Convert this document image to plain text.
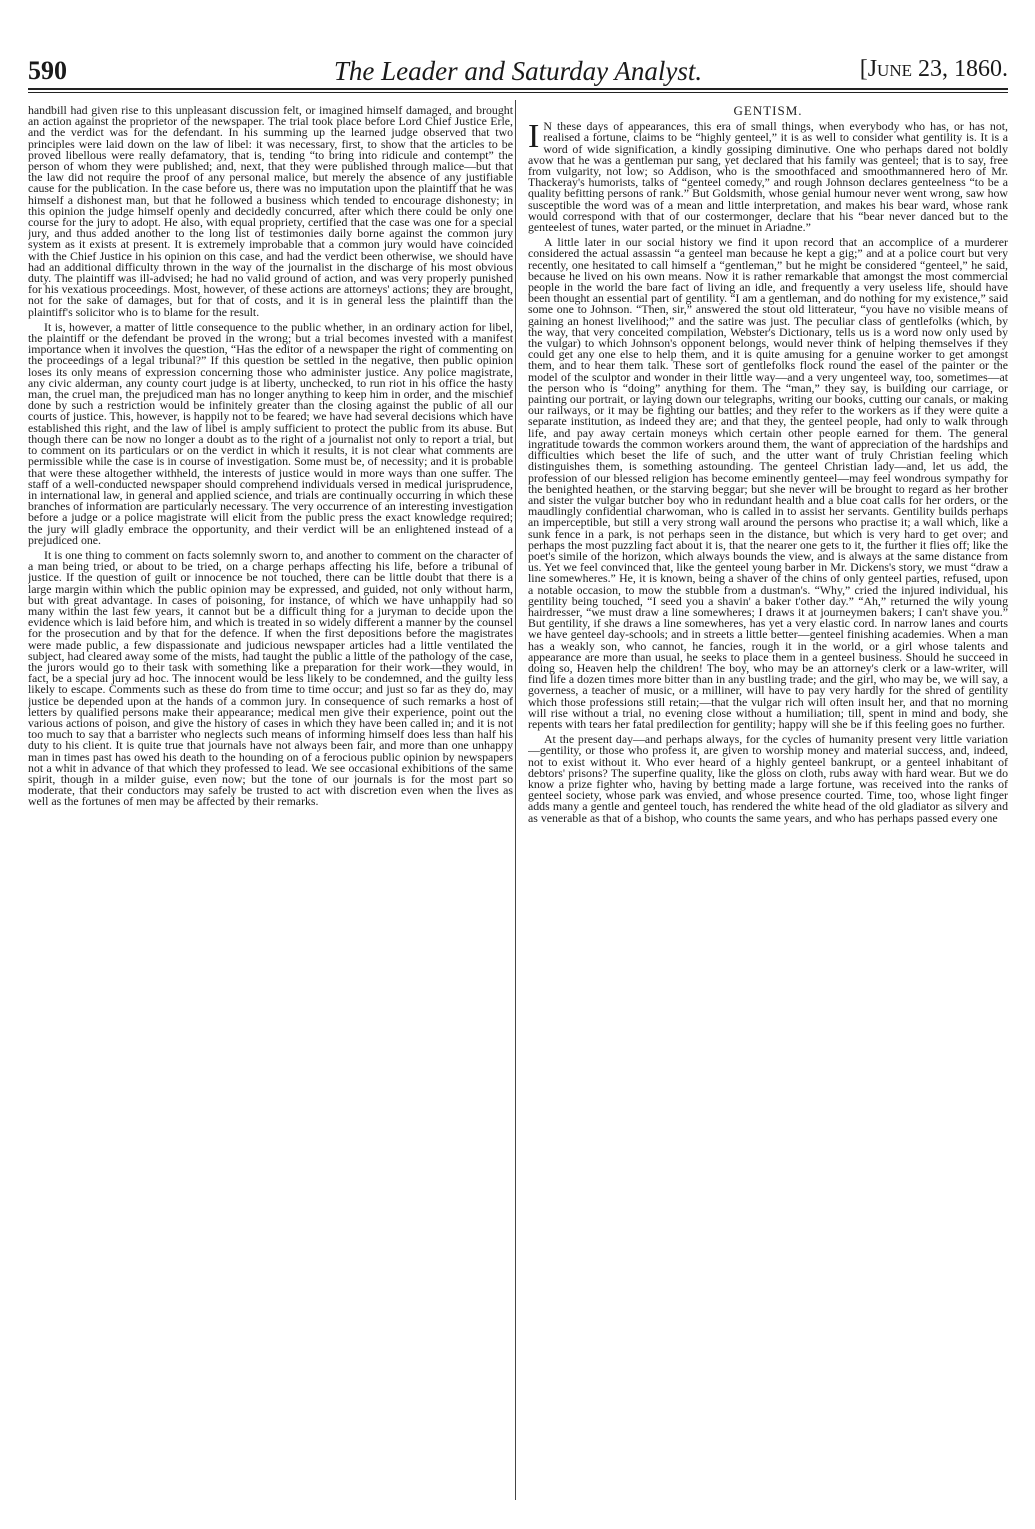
590	The Leader and Saturday Analyst.	[June 23, 1860.

handbill had given rise to this unpleasant discussion felt, or imagined himself damaged, and brought an action against the proprietor of the newspaper. The trial took place before Lord Chief Justice Erle, and the verdict was for the defendant. In his summing up the learned judge observed that two principles were laid down on the law of libel: it was necessary, first, to show that the articles to be proved libellous were really defamatory, that is, tending “to bring into ridicule and contempt” the person of whom they were published; and, next, that they were published through malice—but that the law did not require the proof of any personal malice, but merely the absence of any justifiable cause for the publication. In the case before us, there was no imputation upon the plaintiff that he was himself a dishonest man, but that he followed a business which tended to encourage dishonesty; in this opinion the judge himself openly and decidedly concurred, after which there could be only one course for the jury to adopt. He also, with equal propriety, certified that the case was one for a special jury, and thus added another to the long list of testimonies daily borne against the common jury system as it exists at present. It is extremely improbable that a common jury would have coincided with the Chief Justice in his opinion on this case, and had the verdict been otherwise, we should have had an additional difficulty thrown in the way of the journalist in the discharge of his most obvious duty. The plaintiff was ill-advised; he had no valid ground of action, and was very properly punished for his vexatious proceedings. Most, however, of these actions are attorneys' actions; they are brought, not for the sake of damages, but for that of costs, and it is in general less the plaintiff than the plaintiff's solicitor who is to blame for the result.

It is, however, a matter of little consequence to the public whether, in an ordinary action for libel, the plaintiff or the defendant be proved in the wrong; but a trial becomes invested with a manifest importance when it involves the question, “Has the editor of a newspaper the right of commenting on the proceedings of a legal tribunal?” If this question be settled in the negative, then public opinion loses its only means of expression concerning those who administer justice. Any police magistrate, any civic alderman, any county court judge is at liberty, unchecked, to run riot in his office the hasty man, the cruel man, the prejudiced man has no longer anything to keep him in order, and the mischief done by such a restriction would be infinitely greater than the closing against the public of all our courts of justice. This, however, is happily not to be feared; we have had several decisions which have established this right, and the law of libel is amply sufficient to protect the public from its abuse. But though there can be now no longer a doubt as to the right of a journalist not only to report a trial, but to comment on its particulars or on the verdict in which it results, it is not clear what comments are permissible while the case is in course of investigation. Some must be, of necessity; and it is probable that were these altogether withheld, the interests of justice would in more ways than one suffer. The staff of a well-conducted newspaper should comprehend individuals versed in medical jurisprudence, in international law, in general and applied science, and trials are continually occurring in which these branches of information are particularly necessary. The very occurrence of an interesting investigation before a judge or a police magistrate will elicit from the public press the exact knowledge required; the jury will gladly embrace the opportunity, and their verdict will be an enlightened instead of a prejudiced one.

It is one thing to comment on facts solemnly sworn to, and another to comment on the character of a man being tried, or about to be tried, on a charge perhaps affecting his life, before a tribunal of justice. If the question of guilt or innocence be not touched, there can be little doubt that there is a large margin within which the public opinion may be expressed, and guided, not only without harm, but with great advantage. In cases of poisoning, for instance, of which we have unhappily had so many within the last few years, it cannot but be a difficult thing for a juryman to decide upon the evidence which is laid before him, and which is treated in so widely different a manner by the counsel for the prosecution and by that for the defence. If when the first depositions before the magistrates were made public, a few dispassionate and judicious newspaper articles had a little ventilated the subject, had cleared away some of the mists, had taught the public a little of the pathology of the case, the jurors would go to their task with something like a preparation for their work—they would, in fact, be a special jury ad hoc. The innocent would be less likely to be condemned, and the guilty less likely to escape. Comments such as these do from time to time occur; and just so far as they do, may justice be depended upon at the hands of a common jury. In consequence of such remarks a host of letters by qualified persons make their appearance; medical men give their experience, point out the various actions of poison, and give the history of cases in which they have been called in; and it is not too much to say that a barrister who neglects such means of informing himself does less than half his duty to his client. It is quite true that journals have not always been fair, and more than one unhappy man in times past has owed his death to the hounding on of a ferocious public opinion by newspapers not a whit in advance of that which they professed to lead. We see occasional exhibitions of the same spirit, though in a milder guise, even now; but the tone of our journals is for the most part so moderate, that their conductors may safely be trusted to act with discretion even when the lives as well as the fortunes of men may be affected by their remarks.

GENTISM.

I N these days of appearances, this era of small things, when everybody who has, or has not, realised a fortune, claims to be “highly genteel,” it is as well to consider what gentility is. It is a word of wide signification, a kindly gossiping diminutive. One who perhaps dared not boldly avow that he was a gentleman pur sang, yet declared that his family was genteel; that is to say, free from vulgarity, not low; so Addison, who is the smoothfaced and smoothmannered hero of Mr. Thackeray's humorists, talks of “genteel comedy,” and rough Johnson declares genteelness “to be a quality befitting persons of rank.” But Goldsmith, whose genial humour never went wrong, saw how susceptible the word was of a mean and little interpretation, and makes his bear ward, whose rank would correspond with that of our costermonger, declare that his “bear never danced but to the genteelest of tunes, water parted, or the minuet in Ariadne.”

A little later in our social history we find it upon record that an accomplice of a murderer considered the actual assassin “a genteel man because he kept a gig;” and at a police court but very recently, one hesitated to call himself a “gentleman,” but he might be considered “genteel,” he said, because he lived on his own means. Now it is rather remarkable that amongst the most commercial people in the world the bare fact of living an idle, and frequently a very useless life, should have been thought an essential part of gentility. “I am a gentleman, and do nothing for my existence,” said some one to Johnson. “Then, sir,” answered the stout old litterateur, “you have no visible means of gaining an honest livelihood;” and the satire was just. The peculiar class of gentlefolks (which, by the way, that very conceited compilation, Webster's Dictionary, tells us is a word now only used by the vulgar) to which Johnson's opponent belongs, would never think of helping themselves if they could get any one else to help them, and it is quite amusing for a genuine worker to get amongst them, and to hear them talk. These sort of gentlefolks flock round the easel of the painter or the model of the sculptor and wonder in their little way—and a very ungenteel way, too, sometimes—at the person who is “doing” anything for them. The “man,” they say, is building our carriage, or painting our portrait, or laying down our telegraphs, writing our books, cutting our canals, or making our railways, or it may be fighting our battles; and they refer to the workers as if they were quite a separate institution, as indeed they are; and that they, the genteel people, had only to walk through life, and pay away certain moneys which certain other people earned for them. The general ingratitude towards the common workers around them, the want of appreciation of the hardships and difficulties which beset the life of such, and the utter want of truly Christian feeling which distinguishes them, is something astounding. The genteel Christian lady—and, let us add, the profession of our blessed religion has become eminently genteel—may feel wondrous sympathy for the benighted heathen, or the starving beggar; but she never will be brought to regard as her brother and sister the vulgar butcher boy who in redundant health and a blue coat calls for her orders, or the maudlingly confidential charwoman, who is called in to assist her servants. Gentility builds perhaps an imperceptible, but still a very strong wall around the persons who practise it; a wall which, like a sunk fence in a park, is not perhaps seen in the distance, but which is very hard to get over; and perhaps the most puzzling fact about it is, that the nearer one gets to it, the further it flies off; like the poet's simile of the horizon, which always bounds the view, and is always at the same distance from us. Yet we feel convinced that, like the genteel young barber in Mr. Dickens's story, we must “draw a line somewheres.” He, it is known, being a shaver of the chins of only genteel parties, refused, upon a notable occasion, to mow the stubble from a dustman's. “Why,” cried the injured individual, his gentility being touched, “I seed you a shavin' a baker t'other day.” “Ah,” returned the wily young hairdresser, “we must draw a line somewheres; I draws it at journeymen bakers; I can't shave you.” But gentility, if she draws a line somewheres, has yet a very elastic cord. In narrow lanes and courts we have genteel day-schools; and in streets a little better—genteel finishing academies. When a man has a weakly son, who cannot, he fancies, rough it in the world, or a girl whose talents and appearance are more than usual, he seeks to place them in a genteel business. Should he succeed in doing so, Heaven help the children! The boy, who may be an attorney's clerk or a law-writer, will find life a dozen times more bitter than in any bustling trade; and the girl, who may be, we will say, a governess, a teacher of music, or a milliner, will have to pay very hardly for the shred of gentility which those professions still retain;—that the vulgar rich will often insult her, and that no morning will rise without a trial, no evening close without a humiliation; till, spent in mind and body, she repents with tears her fatal predilection for gentility; happy will she be if this feeling goes no further.

At the present day—and perhaps always, for the cycles of humanity present very little variation—gentility, or those who profess it, are given to worship money and material success, and, indeed, not to exist without it. Who ever heard of a highly genteel bankrupt, or a genteel inhabitant of debtors' prisons? The superfine quality, like the gloss on cloth, rubs away with hard wear. But we do know a prize fighter who, having by betting made a large fortune, was received into the ranks of genteel society, whose park was envied, and whose presence courted. Time, too, whose light finger adds many a gentle and genteel touch, has rendered the white head of the old gladiator as silvery and as venerable as that of a bishop, who counts the same years, and who has perhaps passed every one
